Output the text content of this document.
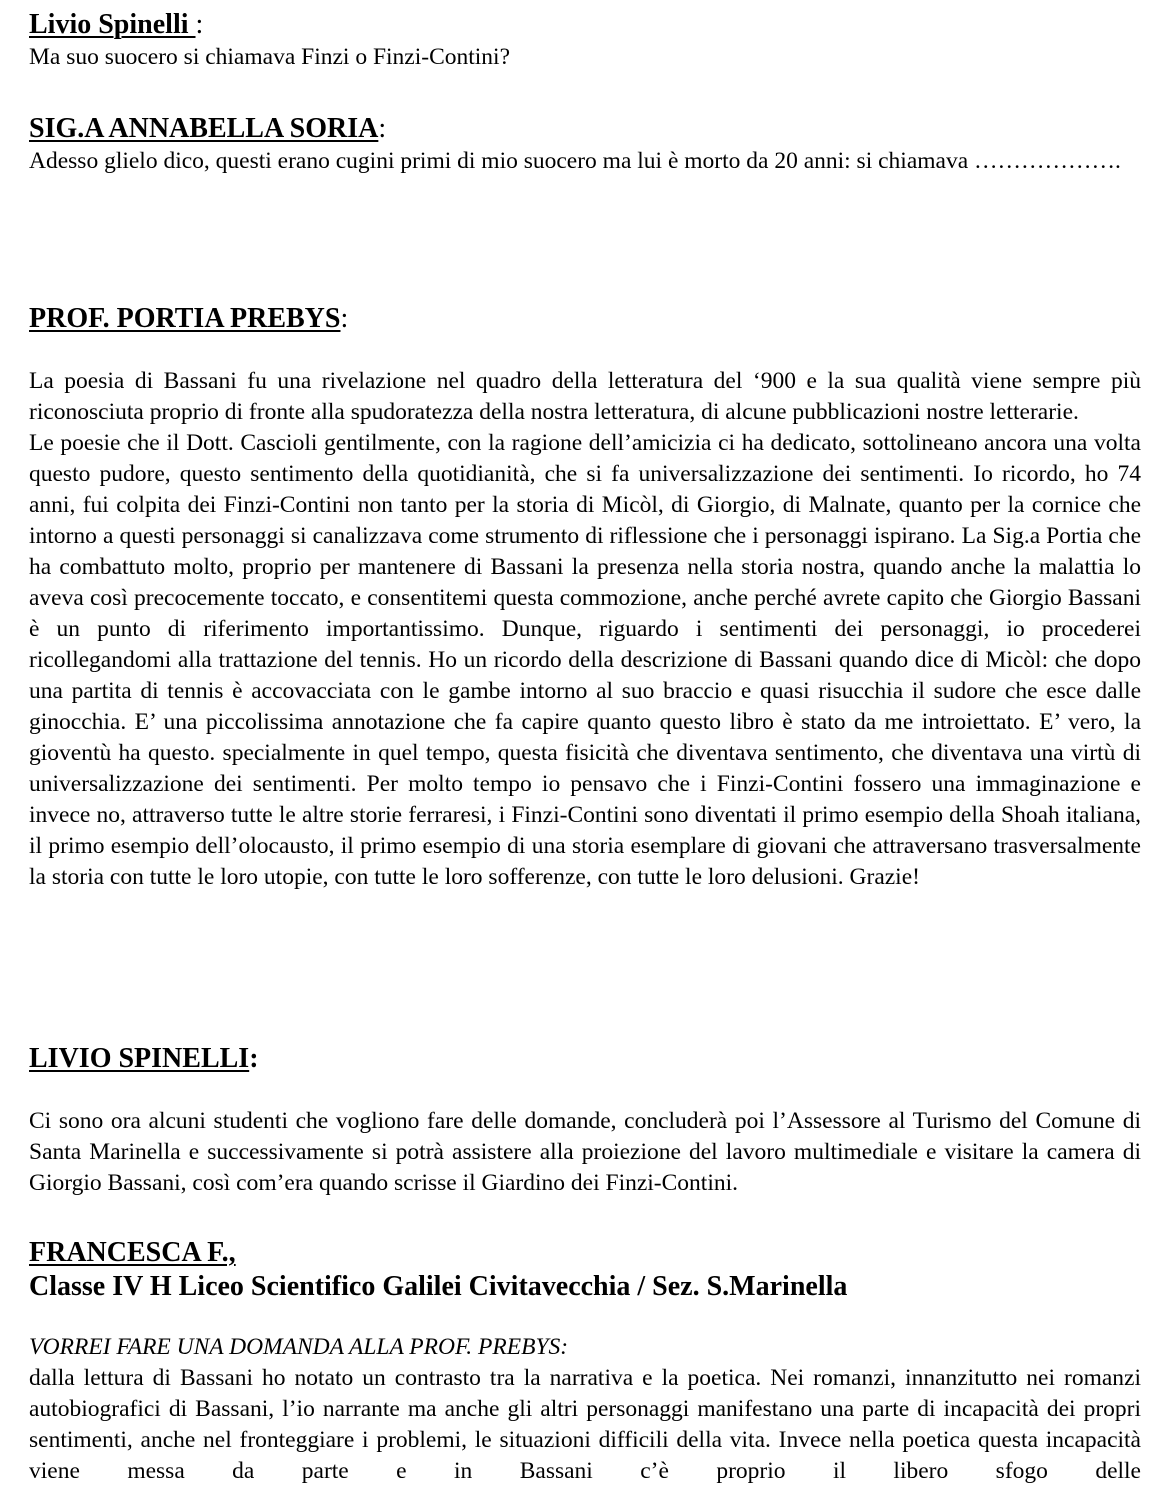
Livio Spinelli :

Ma suo suocero si chiamava Finzi o Finzi-Contini?

SIG.A ANNABELLA SORIA:

Adesso glielo dico, questi erano cugini primi di mio suocero ma lui è morto da 20 anni: si chiamava ……………….

PROF. PORTIA PREBYS:

La poesia di Bassani fu una rivelazione nel quadro della letteratura del ‘900 e la sua qualità viene sempre più riconosciuta proprio di fronte alla spudoratezza della nostra letteratura, di alcune pubblicazioni nostre letterarie.

Le poesie che il Dott. Cascioli gentilmente, con la ragione dell’amicizia ci ha dedicato, sottolineano ancora una volta questo pudore, questo sentimento della quotidianità, che si fa universalizzazione dei sentimenti. Io ricordo, ho 74 anni, fui colpita dei Finzi-Contini non tanto per la storia di Micòl, di Giorgio, di Malnate, quanto per la cornice che intorno a questi personaggi si canalizzava come strumento di riflessione che i personaggi ispirano. La Sig.a Portia che ha combattuto molto, proprio per mantenere di Bassani la presenza nella storia nostra, quando anche la malattia lo aveva così precocemente toccato, e consentitemi questa commozione, anche perché avrete capito che Giorgio Bassani è un punto di riferimento importantissimo. Dunque, riguardo i sentimenti dei personaggi, io procederei ricollegandomi alla trattazione del tennis. Ho un ricordo della descrizione di Bassani quando dice di Micòl: che dopo una partita di tennis è accovacciata con le gambe intorno al suo braccio e quasi risucchia il sudore che esce dalle ginocchia. E’ una piccolissima annotazione che fa capire quanto questo libro è stato da me introiettato. E’ vero, la gioventù ha questo. specialmente in quel tempo, questa fisicità che diventava sentimento, che diventava una virtù di universalizzazione dei sentimenti. Per molto tempo io pensavo che i Finzi-Contini fossero una immaginazione e invece no, attraverso tutte le altre storie ferraresi, i Finzi-Contini sono diventati il primo esempio della Shoah italiana, il primo esempio dell’olocausto, il primo esempio di una storia esemplare di giovani che attraversano trasversalmente la storia con tutte le loro utopie, con tutte le loro sofferenze, con tutte le loro delusioni. Grazie!

LIVIO SPINELLI:

Ci sono ora alcuni studenti che vogliono fare delle domande, concluderà poi l’Assessore al Turismo del Comune di Santa Marinella e successivamente si potrà assistere alla proiezione del lavoro multimediale e visitare la camera di Giorgio Bassani, così com’era quando scrisse il Giardino dei Finzi-Contini.

FRANCESCA F.,

Classe IV H Liceo Scientifico Galilei Civitavecchia / Sez. S.Marinella

VORREI FARE UNA DOMANDA ALLA PROF. PREBYS:

dalla lettura di Bassani ho notato un contrasto tra la narrativa e la poetica. Nei romanzi, innanzitutto nei romanzi autobiografici di Bassani, l’io narrante ma anche gli altri personaggi manifestano una parte di incapacità dei propri sentimenti, anche nel fronteggiare i problemi, le situazioni difficili della vita. Invece nella poetica questa incapacità viene messa da parte e in Bassani c’è proprio il libero sfogo delle
